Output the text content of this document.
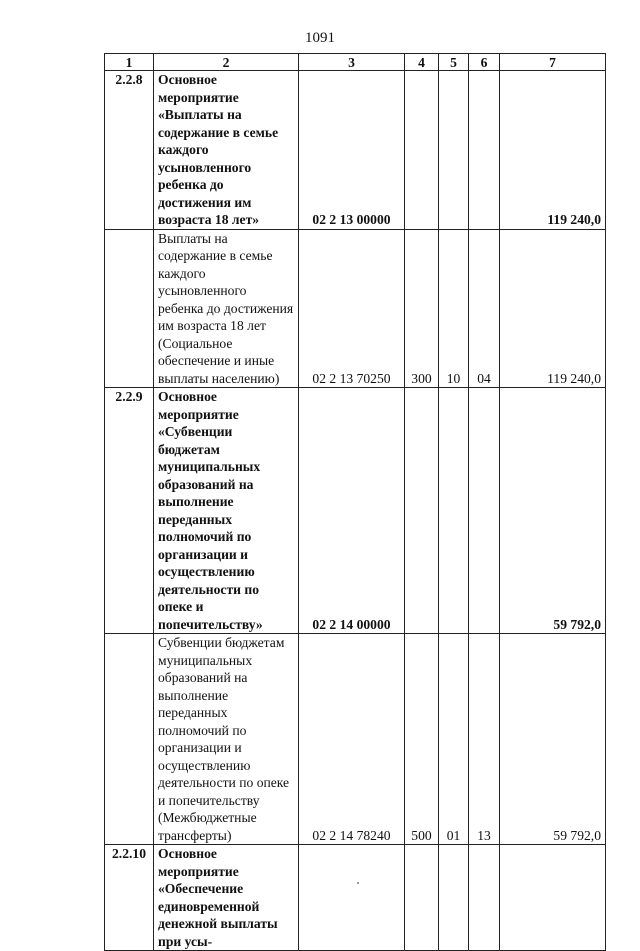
1091
1	2	3	4	5	6	7
2.2.8	Основное мероприятие «Выплаты на содержание в семье каждого усыновленного ребенка до достижения им возраста 18 лет»	02 2 13 00000				119 240,0
	Выплаты на содержание в семье каждого усыновленного ребенка до достижения им возраста 18 лет (Социальное обеспечение и иные выплаты населению)	02 2 13 70250	300	10	04	119 240,0
2.2.9	Основное мероприятие «Субвенции бюджетам муниципальных образований на выполнение переданных полномочий по организации и осуществлению деятельности по опеке и попечительству»	02 2 14 00000				59 792,0
	Субвенции бюджетам муниципальных образований на выполнение переданных полномочий по организации и осуществлению деятельности по опеке и попечительству (Межбюджетные трансферты)	02 2 14 78240	500	01	13	59 792,0
2.2.10	Основное мероприятие «Обеспечение единовременной денежной выплаты при усы-					
